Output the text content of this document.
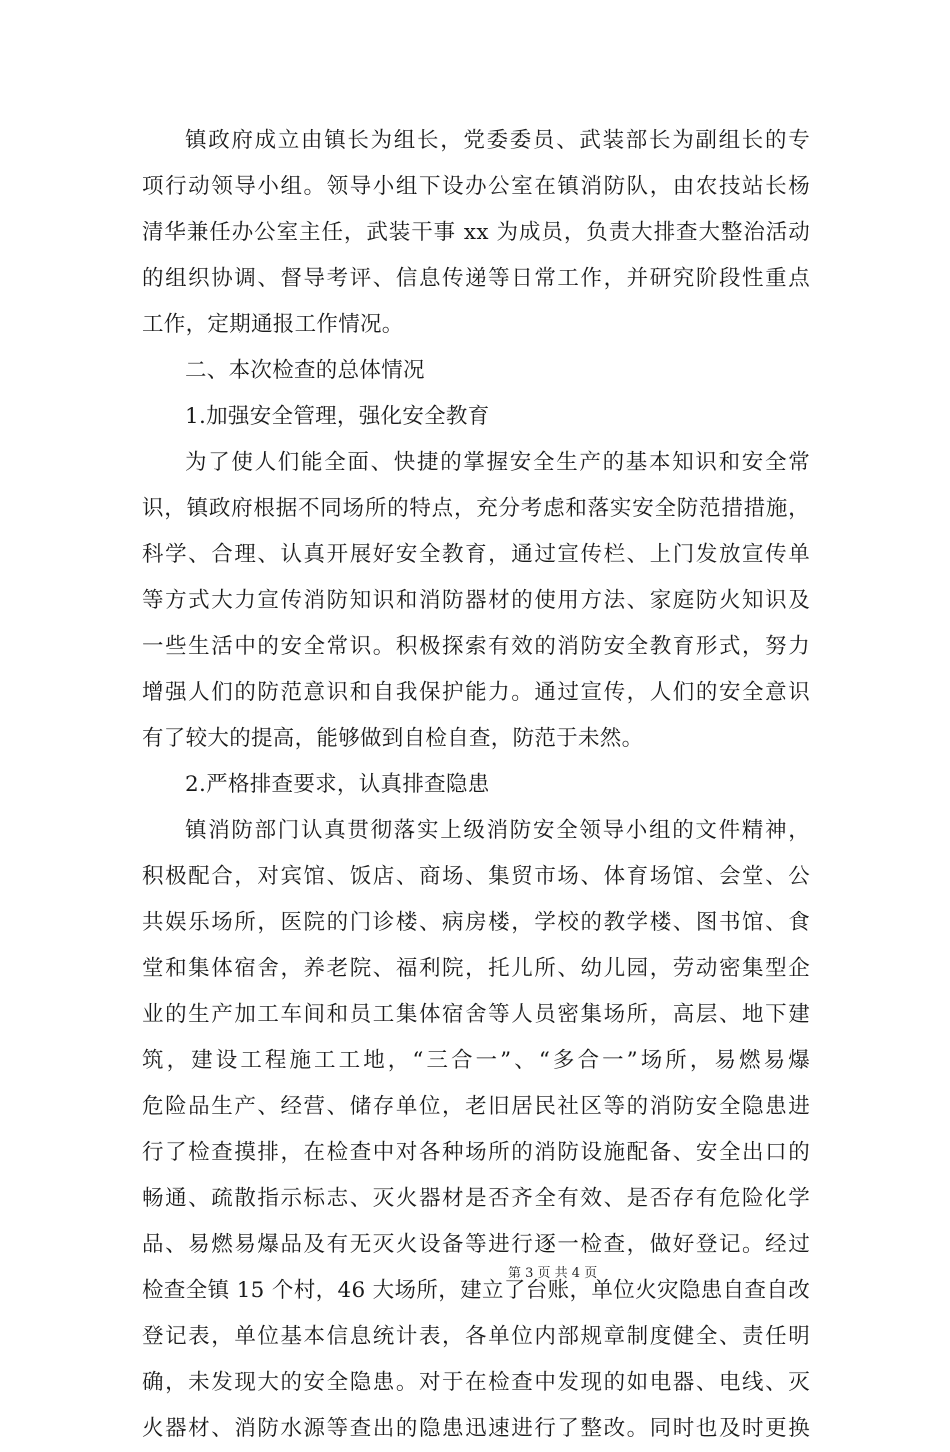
镇政府成立由镇长为组长，党委委员、武装部长为副组长的专
项行动领导小组。领导小组下设办公室在镇消防队，由农技站长杨
清华兼任办公室主任，武装干事 xx 为成员，负责大排查大整治活动
的组织协调、督导考评、信息传递等日常工作，并研究阶段性重点
工作，定期通报工作情况。
二、本次检查的总体情况
1.加强安全管理，强化安全教育
为了使人们能全面、快捷的掌握安全生产的基本知识和安全常
识，镇政府根据不同场所的特点，充分考虑和落实安全防范措措施，
科学、合理、认真开展好安全教育，通过宣传栏、上门发放宣传单
等方式大力宣传消防知识和消防器材的使用方法、家庭防火知识及
一些生活中的安全常识。积极探索有效的消防安全教育形式，努力
增强人们的防范意识和自我保护能力。通过宣传，人们的安全意识
有了较大的提高，能够做到自检自查，防范于未然。
2.严格排查要求，认真排查隐患
镇消防部门认真贯彻落实上级消防安全领导小组的文件精神，
积极配合，对宾馆、饭店、商场、集贸市场、体育场馆、会堂、公
共娱乐场所，医院的门诊楼、病房楼，学校的教学楼、图书馆、食
堂和集体宿舍，养老院、福利院，托儿所、幼儿园，劳动密集型企
业的生产加工车间和员工集体宿舍等人员密集场所，高层、地下建
筑，建设工程施工工地，“三合一”、“多合一”场所，易燃易爆
危险品生产、经营、储存单位，老旧居民社区等的消防安全隐患进
行了检查摸排，在检查中对各种场所的消防设施配备、安全出口的
畅通、疏散指示标志、灭火器材是否齐全有效、是否存有危险化学
品、易燃易爆品及有无灭火设备等进行逐一检查，做好登记。经过
检查全镇 15 个村，46 大场所，建立了台账，单位火灾隐患自查自改
登记表，单位基本信息统计表，各单位内部规章制度健全、责任明
确，未发现大的安全隐患。对于在检查中发现的如电器、电线、灭
火器材、消防水源等查出的隐患迅速进行了整改。同时也及时更换
第 3 页 共 4 页
